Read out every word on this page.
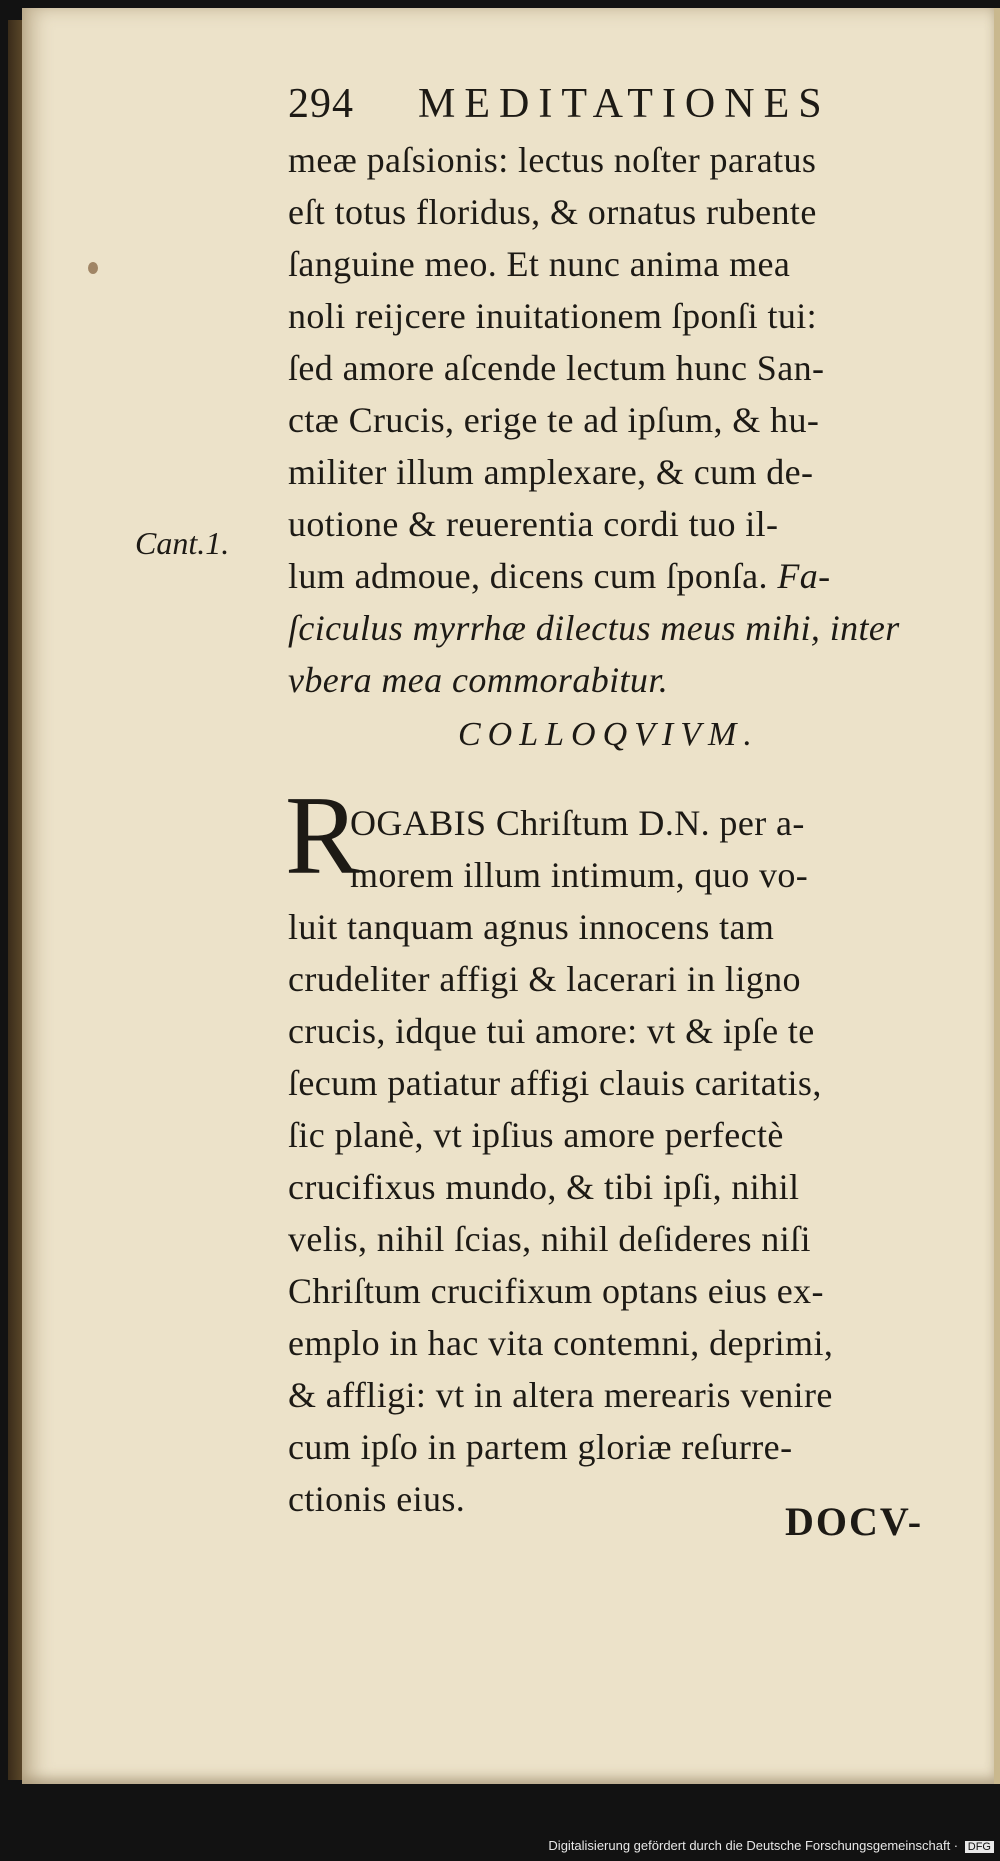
294 MEDITATIONES
meæ paſsionis: lectus noſter paratus
eſt totus floridus, & ornatus rubente
ſanguine meo. Et nunc anima mea
noli reijcere inuitationem ſponſi tui:
ſed amore aſcende lectum hunc San-
ctæ Crucis, erige te ad ipſum, & hu-
militer illum amplexare, & cum de-
uotione & reuerentia cordi tuo il-
lum admoue, dicens cum ſponſa. Fa-
ſciculus myrrhæ dilectus meus mihi, inter
vbera mea commorabitur.
Cant.1.
COLLOQVIVM.
R
OGABIS Chriſtum D.N. per a-
morem illum intimum, quo vo-
luit tanquam agnus innocens tam
crudeliter affigi & lacerari in ligno
crucis, idque tui amore: vt & ipſe te
ſecum patiatur affigi clauis caritatis,
ſic planè, vt ipſius amore perfectè
crucifixus mundo, & tibi ipſi, nihil
velis, nihil ſcias, nihil deſideres niſi
Chriſtum crucifixum optans eius ex-
emplo in hac vita contemni, deprimi,
& affligi: vt in altera merearis venire
cum ipſo in partem gloriæ reſurre-
ctionis eius.	DOCV-
Digitalisierung gefördert durch die Deutsche Forschungsgemeinschaft · DFG
